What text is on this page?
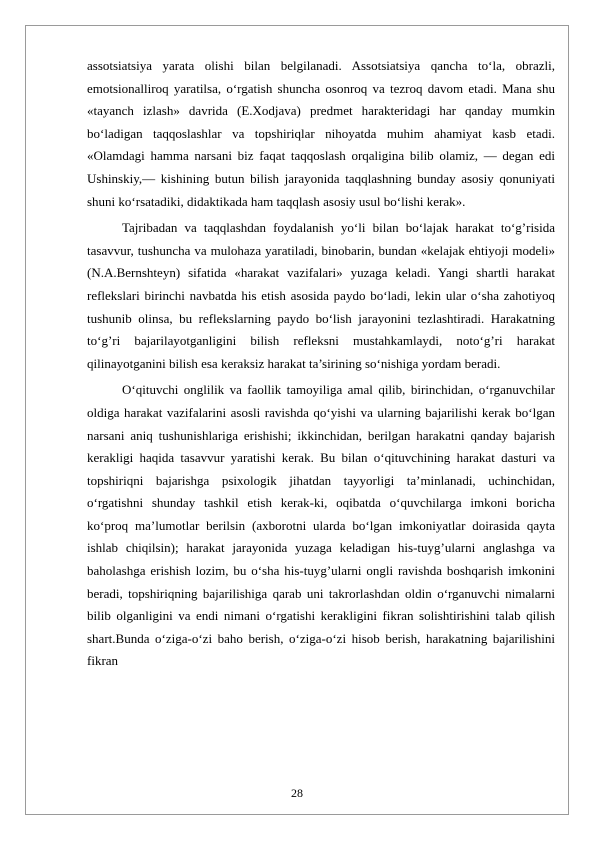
assotsiatsiya yarata olishi bilan belgilanadi. Assotsiatsiya qancha to‘la, obrazli, emotsionalliroq yaratilsa, o‘rgatish shuncha osonroq va tezroq davom etadi. Mana shu «tayanch izlash» davrida (E.Xodjava) predmet harakteridagi har qanday mumkin bo‘ladigan taqqoslashlar va topshiriqlar nihoyatda muhim ahamiyat kasb etadi. «Olamdagi hamma narsani biz faqat taqqoslash orqaligina bilib olamiz, — degan edi Ushinskiy,— kishining butun bilish jarayonida taqqlashning bunday asosiy qonuniyati shuni ko‘rsatadiki, didaktikada ham taqqlash asosiy usul bo‘lishi kerak».

Tajribadan va taqqlashdan foydalanish yo‘li bilan bo‘lajak harakat to‘g’risida tasavvur, tushuncha va mulohaza yaratiladi, binobarin, bundan «kelajak ehtiyoji modeli» (N.A.Bernshteyn) sifatida «harakat vazifalari» yuzaga keladi. Yangi shartli harakat reflekslari birinchi navbatda his etish asosida paydo bo‘ladi, lekin ular o‘sha zahotiyoq tushunib olinsa, bu reflekslarning paydo bo‘lish jarayonini tezlashtiradi. Harakatning to‘g’ri bajarilayotganligini bilish refleksni mustahkamlaydi, noto‘g’ri harakat qilinayotganini bilish esa keraksiz harakat ta’sirining so‘nishiga yordam beradi.

O‘qituvchi onglilik va faollik tamoyiliga amal qilib, birinchidan, o‘rganuvchilar oldiga harakat vazifalarini asosli ravishda qo‘yishi va ularning bajarilishi kerak bo‘lgan narsani aniq tushunishlariga erishishi; ikkinchidan, berilgan harakatni qanday bajarish kerakligi haqida tasavvur yaratishi kerak. Bu bilan o‘qituvchining harakat dasturi va topshiriqni bajarishga psixologik jihatdan tayyorligi ta’minlanadi, uchinchidan, o‘rgatishni shunday tashkil etish kerak-ki, oqibatda o‘quvchilarga imkoni boricha ko‘proq ma’lumotlar berilsin (axborotni ularda bo‘lgan imkoniyatlar doirasida qayta ishlab chiqilsin); harakat jarayonida yuzaga keladigan his-tuyg’ularni anglashga va baholashga erishish lozim, bu o‘sha his-tuyg’ularni ongli ravishda boshqarish imkonini beradi, topshiriqning bajarilishiga qarab uni takrorlashdan oldin o‘rganuvchi nimalarni bilib olganligini va endi nimani o‘rgatishi kerakligini fikran solishtirishini talab qilish shart.Bunda o‘ziga-o‘zi baho berish, o‘ziga-o‘zi hisob berish, harakatning bajarilishini fikran

28
